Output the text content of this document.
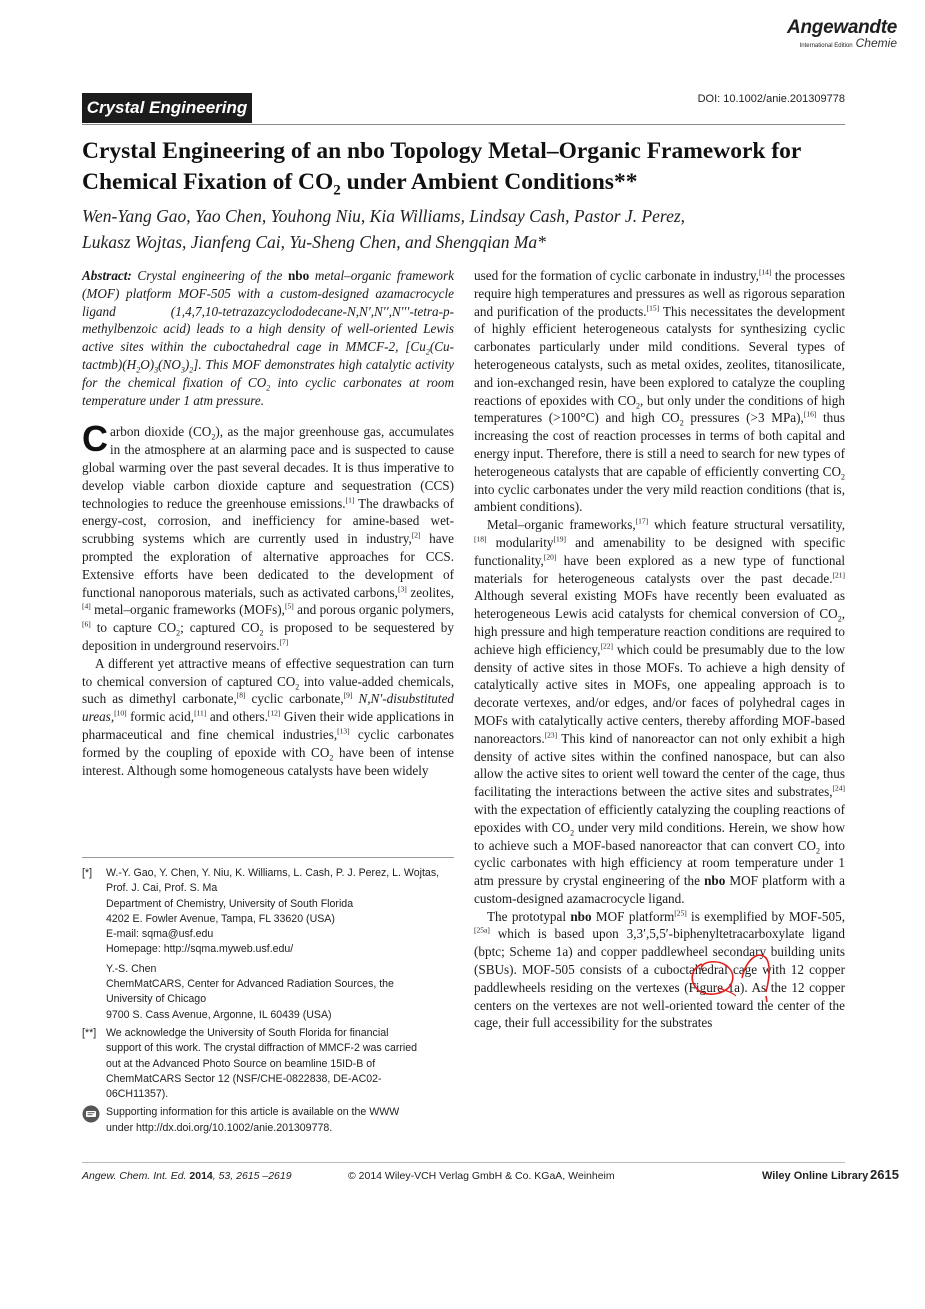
Angewandte
International Edition Chemie
Crystal Engineering	DOI: 10.1002/anie.201309778
Crystal Engineering of an nbo Topology Metal–Organic Framework for Chemical Fixation of $CO_2$ under Ambient Conditions**
Wen-Yang Gao, Yao Chen, Youhong Niu, Kia Williams, Lindsay Cash, Pastor J. Perez,
Lukasz Wojtas, Jianfeng Cai, Yu-Sheng Chen, and Shengqian Ma*

Abstract: Crystal engineering of the nbo metal–organic framework (MOF) platform MOF-505 with a custom-designed azamacrocycle ligand (1,4,7,10-tetrazazcyclododecane-N,N′,N′′,N′′′-tetra-p-methylbenzoic acid) leads to a high density of well-oriented Lewis active sites within the cuboctahedral cage in MMCF-2, $[Cu_2(Cu-tactmb)(H_2O)_3(NO_3)_2]$. This MOF demonstrates high catalytic activity for the chemical fixation of $CO_2$ into cyclic carbonates at room temperature under 1 atm pressure.

Carbon dioxide $(CO_2)$, as the major greenhouse gas, accumulates in the atmosphere at an alarming pace and is suspected to cause global warming over the past several decades. It is thus imperative to develop viable carbon dioxide capture and sequestration (CCS) technologies to reduce the greenhouse emissions.[1] The drawbacks of energy-cost, corrosion, and inefficiency for amine-based wet-scrubbing systems which are currently used in industry,[2] have prompted the exploration of alternative approaches for CCS. Extensive efforts have been dedicated to the development of functional nanoporous materials, such as activated carbons,[3] zeolites,[4] metal–organic frameworks (MOFs),[5] and porous organic polymers,[6] to capture $CO_2$; captured $CO_2$ is proposed to be sequestered by deposition in underground reservoirs.[7]

A different yet attractive means of effective sequestration can turn to chemical conversion of captured $CO_2$ into value-added chemicals, such as dimethyl carbonate,[8] cyclic carbonate,[9] N,N′-disubstituted ureas,[10] formic acid,[11] and others.[12] Given their wide applications in pharmaceutical and fine chemical industries,[13] cyclic carbonates formed by the coupling of epoxide with $CO_2$ have been of intense interest. Although some homogeneous catalysts have been widely

[*]	W.-Y. Gao, Y. Chen, Y. Niu, K. Williams, L. Cash, P. J. Perez, L. Wojtas,
Prof. J. Cai, Prof. S. Ma
Department of Chemistry, University of South Florida
4202 E. Fowler Avenue, Tampa, FL 33620 (USA)
E-mail: sqma@usf.edu
Homepage: http://sqma.myweb.usf.edu/
Y.-S. Chen
ChemMatCARS, Center for Advanced Radiation Sources, the
University of Chicago
9700 S. Cass Avenue, Argonne, IL 60439 (USA)
[**] We acknowledge the University of South Florida for financial
support of this work. The crystal diffraction of MMCF-2 was carried
out at the Advanced Photo Source on beamline 15ID-B of
ChemMatCARS Sector 12 (NSF/CHE-0822838, DE-AC02-
06CH11357).
Supporting information for this article is available on the WWW
under http://dx.doi.org/10.1002/anie.201309778.

used for the formation of cyclic carbonate in industry,[14] the processes require high temperatures and pressures as well as rigorous separation and purification of the products.[15] This necessitates the development of highly efficient heterogeneous catalysts for synthesizing cyclic carbonates particularly under mild conditions. Several types of heterogeneous catalysts, such as metal oxides, zeolites, titanosilicate, and ion-exchanged resin, have been explored to catalyze the coupling reactions of epoxides with $CO_2$, but only under the conditions of high temperatures (>100°C) and high $CO_2$ pressures (>3 MPa),[16] thus increasing the cost of reaction processes in terms of both capital and energy input. Therefore, there is still a need to search for new types of heterogeneous catalysts that are capable of efficiently converting $CO_2$ into cyclic carbonates under the very mild reaction conditions (that is, ambient conditions).

Metal–organic frameworks,[17] which feature structural versatility,[18] modularity[19] and amenability to be designed with specific functionality,[20] have been explored as a new type of functional materials for heterogeneous catalysts over the past decade.[21] Although several existing MOFs have recently been evaluated as heterogeneous Lewis acid catalysts for chemical conversion of $CO_2$, high pressure and high temperature reaction conditions are required to achieve high efficiency,[22] which could be presumably due to the low density of active sites in those MOFs. To achieve a high density of catalytically active sites in MOFs, one appealing approach is to decorate vertexes, and/or edges, and/or faces of polyhedral cages in MOFs with catalytically active centers, thereby affording MOF-based nanoreactors.[23] This kind of nanoreactor can not only exhibit a high density of active sites within the confined nanospace, but can also allow the active sites to orient well toward the center of the cage, thus facilitating the interactions between the active sites and substrates,[24] with the expectation of efficiently catalyzing the coupling reactions of epoxides with $CO_2$ under very mild conditions. Herein, we show how to achieve such a MOF-based nanoreactor that can convert $CO_2$ into cyclic carbonates with high efficiency at room temperature under 1 atm pressure by crystal engineering of the nbo MOF platform with a custom-designed azamacrocycle ligand.

The prototypal nbo MOF platform[25] is exemplified by MOF-505,[25a] which is based upon 3,3′,5,5′-biphenyltetracarboxylate ligand (bptc; Scheme 1a) and copper paddlewheel secondary building units (SBUs). MOF-505 consists of a cuboctahedral cage with 12 copper paddlewheels residing on the vertexes (Figure 1a). As the 12 copper centers on the vertexes are not well-oriented toward the center of the cage, their full accessibility for the substrates

Angew. Chem. Int. Ed. 2014, 53, 2615 –2619	© 2014 Wiley-VCH Verlag GmbH & Co. KGaA, Weinheim	Wiley Online Library 2615
